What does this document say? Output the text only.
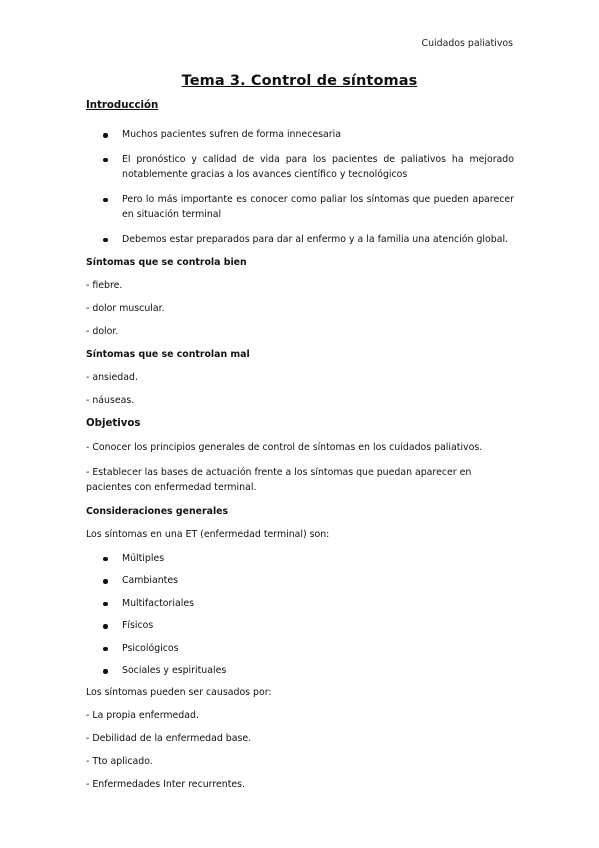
Cuidados paliativos
Tema 3. Control de síntomas
Introducción
Muchos pacientes sufren de forma innecesaria
El pronóstico y calidad de vida para los pacientes de paliativos ha mejorado notablemente gracias a los avances científico y tecnológicos
Pero lo más importante es conocer como paliar los síntomas que pueden aparecer en situación terminal
Debemos estar preparados para dar al enfermo y a la familia una atención global.
Síntomas que se controla bien
- fiebre.
- dolor muscular.
- dolor.
Síntomas que se controlan mal
- ansiedad.
- náuseas.
Objetivos
- Conocer los principios generales de control de síntomas en los cuidados paliativos.
- Establecer las bases de actuación frente a los síntomas que puedan aparecer en pacientes con enfermedad terminal.
Consideraciones generales
Los síntomas en una ET (enfermedad terminal) son:
Múltiples
Cambiantes
Multifactoriales
Físicos
Psicológicos
Sociales y espirituales
Los síntomas pueden ser causados por:
- La propia enfermedad.
- Debilidad de la enfermedad base.
- Tto aplicado.
- Enfermedades Inter recurrentes.
